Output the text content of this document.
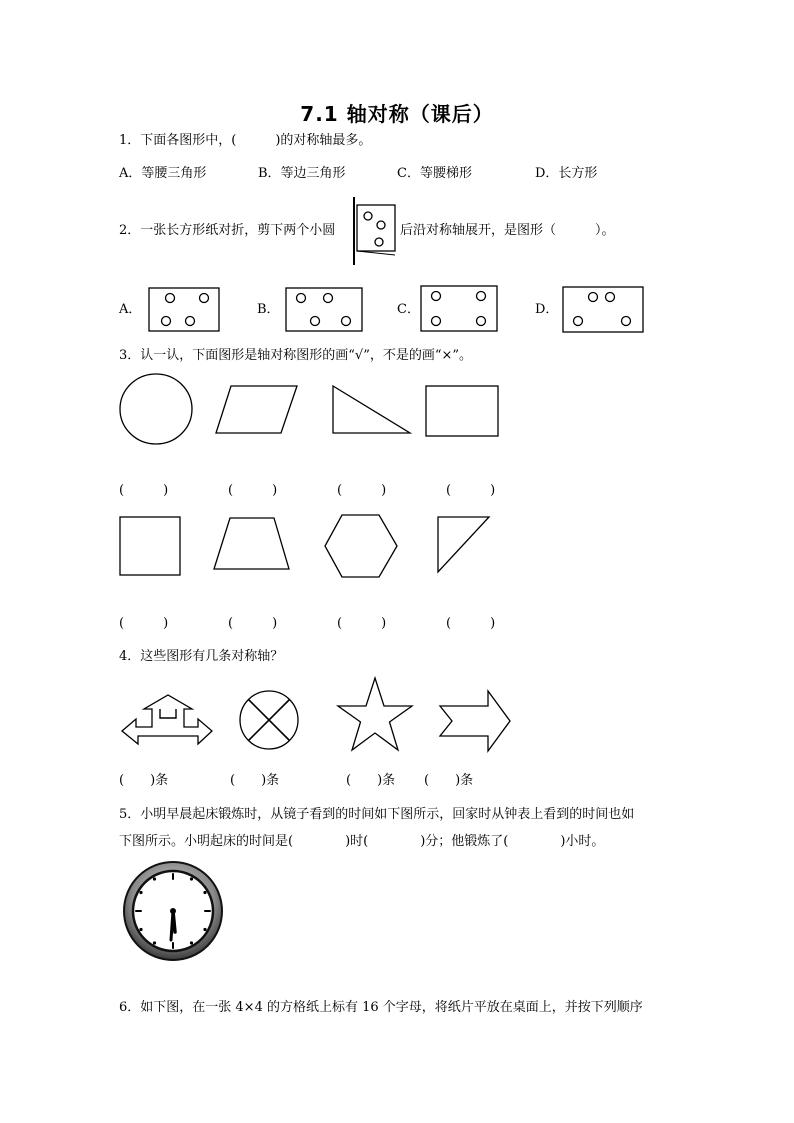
7.1 轴对称（课后）
1．下面各图形中，(　　　)的对称轴最多。
A．等腰三角形	B．等边三角形	C．等腰梯形	D．长方形
2．一张长方形纸对折，剪下两个小圆	后沿对称轴展开，是图形（　　　）。
A．	B．	C．	D．
3．认一认，下面图形是轴对称图形的画“√”，不是的画“×”。
(　　　)	(　　　)	(　　　)	(　　　)
(　　　)	(　　　)	(　　　)	(　　　)
4．这些图形有几条对称轴？
(　　)条	(　　)条	(　　)条 (　　)条
5．小明早晨起床锻炼时，从镜子看到的时间如下图所示，回家时从钟表上看到的时间也如
下图所示。小明起床的时间是(　　　　)时(　　　　)分；他锻炼了(　　　　)小时。
6．如下图，在一张 4×4 的方格纸上标有 16 个字母，将纸片平放在桌面上，并按下列顺序
